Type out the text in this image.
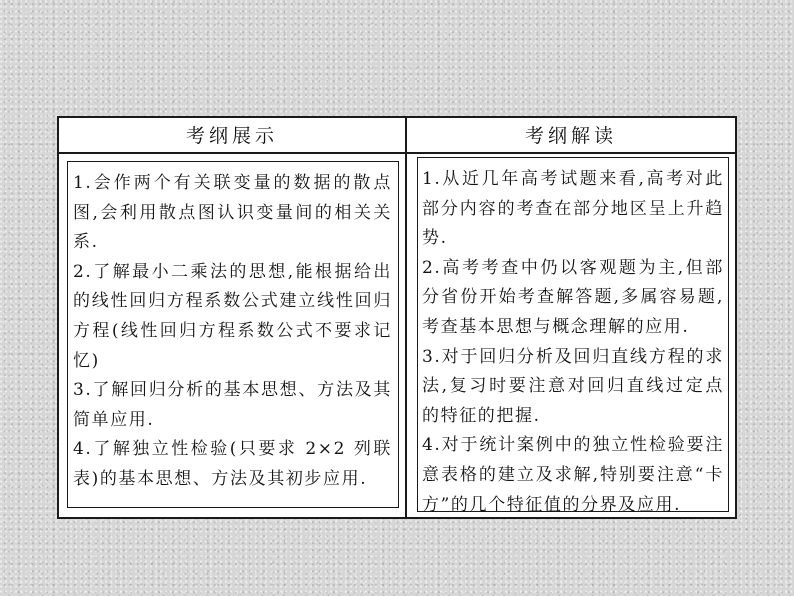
考纲展示	考纲解读
1.会作两个有关联变量的数据的散点图,会利用散点图认识变量间的相关关系.
2.了解最小二乘法的思想,能根据给出的线性回归方程系数公式建立线性回归方程(线性回归方程系数公式不要求记忆)
3.了解回归分析的基本思想、方法及其简单应用.
4.了解独立性检验(只要求 2×2 列联表)的基本思想、方法及其初步应用.
1.从近几年高考试题来看,高考对此部分内容的考查在部分地区呈上升趋势.
2.高考考查中仍以客观题为主,但部分省份开始考查解答题,多属容易题,考查基本思想与概念理解的应用.
3.对于回归分析及回归直线方程的求法,复习时要注意对回归直线过定点的特征的把握.
4.对于统计案例中的独立性检验要注意表格的建立及求解,特别要注意“卡方”的几个特征值的分界及应用.
